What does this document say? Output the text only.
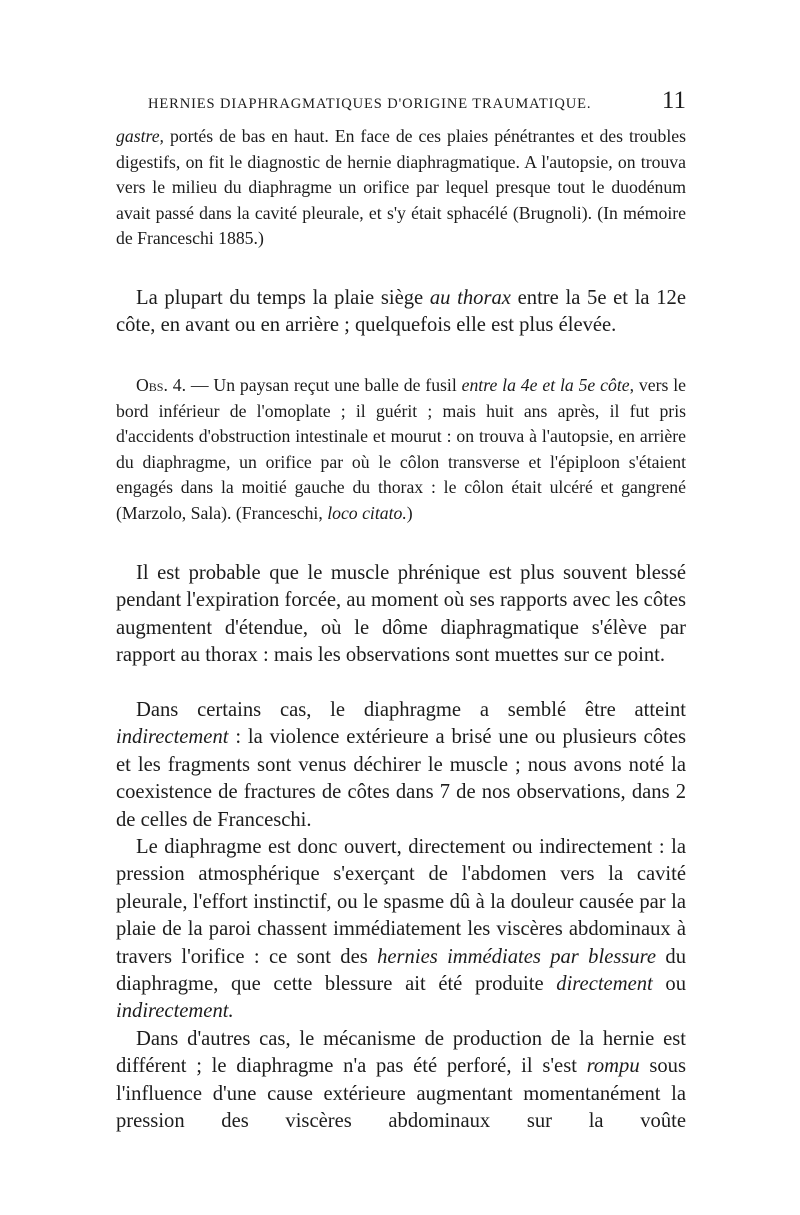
HERNIES DIAPHRAGMATIQUES D'ORIGINE TRAUMATIQUE.	11

gastre, portés de bas en haut. En face de ces plaies pénétrantes et des troubles digestifs, on fit le diagnostic de hernie diaphragmatique. A l'autopsie, on trouva vers le milieu du diaphragme un orifice par lequel presque tout le duodénum avait passé dans la cavité pleurale, et s'y était sphacélé (Brugnoli). (In mémoire de Franceschi 1885.)

La plupart du temps la plaie siège au thorax entre la 5e et la 12e côte, en avant ou en arrière ; quelquefois elle est plus élevée.

Obs. 4. — Un paysan reçut une balle de fusil entre la 4e et la 5e côte, vers le bord inférieur de l'omoplate ; il guérit ; mais huit ans après, il fut pris d'accidents d'obstruction intestinale et mourut : on trouva à l'autopsie, en arrière du diaphragme, un orifice par où le côlon transverse et l'épiploon s'étaient engagés dans la moitié gauche du thorax : le côlon était ulcéré et gangrené (Marzolo, Sala). (Franceschi, loco citato.)

Il est probable que le muscle phrénique est plus souvent blessé pendant l'expiration forcée, au moment où ses rapports avec les côtes augmentent d'étendue, où le dôme diaphragmatique s'élève par rapport au thorax : mais les observations sont muettes sur ce point.

Dans certains cas, le diaphragme a semblé être atteint indirectement : la violence extérieure a brisé une ou plusieurs côtes et les fragments sont venus déchirer le muscle ; nous avons noté la coexistence de fractures de côtes dans 7 de nos observations, dans 2 de celles de Franceschi.

Le diaphragme est donc ouvert, directement ou indirectement : la pression atmosphérique s'exerçant de l'abdomen vers la cavité pleurale, l'effort instinctif, ou le spasme dû à la douleur causée par la plaie de la paroi chassent immédiatement les viscères abdominaux à travers l'orifice : ce sont des hernies immédiates par blessure du diaphragme, que cette blessure ait été produite directement ou indirectement.

Dans d'autres cas, le mécanisme de production de la hernie est différent ; le diaphragme n'a pas été perforé, il s'est rompu sous l'influence d'une cause extérieure augmentant momentanément la pression des viscères abdominaux sur la voûte
